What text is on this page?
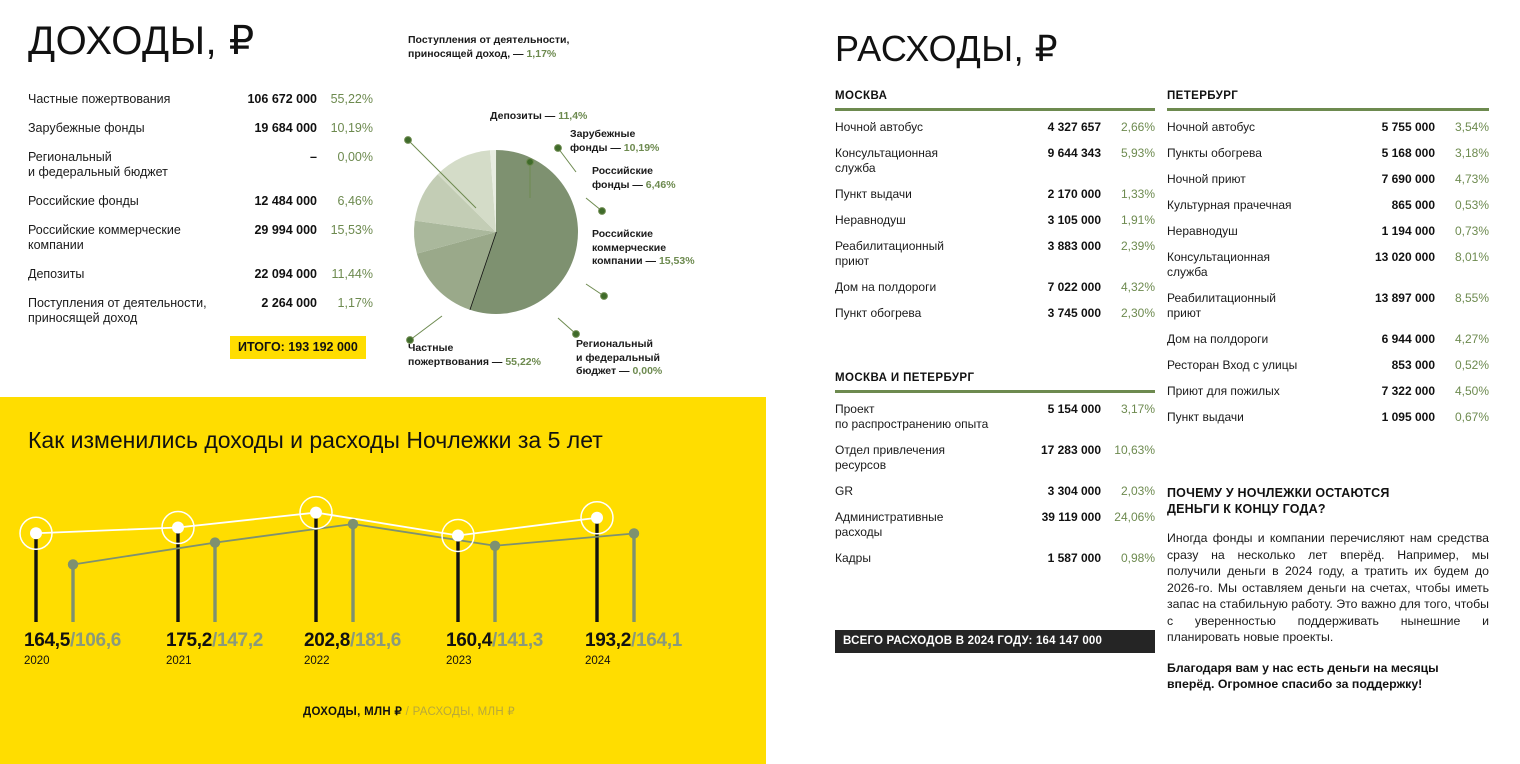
ДОХОДЫ, ₽
Частные пожертвования	106 672 000	55,22%
Зарубежные фонды	19 684 000	10,19%
Региональный
и федеральный бюджет
–	0,00%
Российские фонды	12 484 000	6,46%
Российские коммерческие
компании
29 994 000	15,53%
Депозиты	22 094 000	11,44%
Поступления от деятельности,
приносящей доход
2 264 000	1,17%
ИТОГО: 193 192 000
Поступления от деятельности,
приносящей доход, — 1,17%
Депозиты — 11,4%
Зарубежные
фонды — 10,19%
Российские
фонды — 6,46%
Российские
коммерческие
компании — 15,53%
Региональный
и федеральный
бюджет — 0,00%
Частные
пожертвования — 55,22%
Как изменились доходы и расходы Ночлежки за 5 лет
164,5/106,6
2020
175,2/147,2
2021
202,8/181,6
2022
160,4/141,3
2023
193,2/164,1
2024
ДОХОДЫ, МЛН ₽ / РАСХОДЫ, МЛН ₽
РАСХОДЫ, ₽
МОСКВА
Ночной автобус	4 327 657	2,66%
Консультационная
служба
9 644 343	5,93%
Пункт выдачи	2 170 000	1,33%
Неравнодуш	3 105 000	1,91%
Реабилитационный
приют
3 883 000	2,39%
Дом на полдороги	7 022 000	4,32%
Пункт обогрева	3 745 000	2,30%
МОСКВА И ПЕТЕРБУРГ
Проект
по распространению опыта
5 154 000	3,17%
Отдел привлечения
ресурсов
17 283 000	10,63%
GR	3 304 000	2,03%
Административные
расходы
39 119 000	24,06%
Кадры	1 587 000	0,98%
ПЕТЕРБУРГ
Ночной автобус	5 755 000	3,54%
Пункты обогрева	5 168 000	3,18%
Ночной приют	7 690 000	4,73%
Культурная прачечная	865 000	0,53%
Неравнодуш	1 194 000	0,73%
Консультационная
служба
13 020 000	8,01%
Реабилитационный
приют
13 897 000	8,55%
Дом на полдороги	6 944 000	4,27%
Ресторан Вход с улицы	853 000	0,52%
Приют для пожилых	7 322 000	4,50%
Пункт выдачи	1 095 000	0,67%
ВСЕГО РАСХОДОВ В 2024 ГОДУ: 164 147 000
ПОЧЕМУ У НОЧЛЕЖКИ ОСТАЮТСЯ
ДЕНЬГИ К КОНЦУ ГОДА?
Иногда фонды и компании перечисляют нам средства сразу на несколько лет вперёд. Например, мы получили деньги в 2024 году, а тратить их будем до 2026-го. Мы оставляем деньги на счетах, чтобы иметь запас на стабильную работу. Это важно для того, чтобы с уверенностью поддерживать нынешние и планировать новые проекты.
Благодаря вам у нас есть деньги на месяцы вперёд. Огромное спасибо за поддержку!
